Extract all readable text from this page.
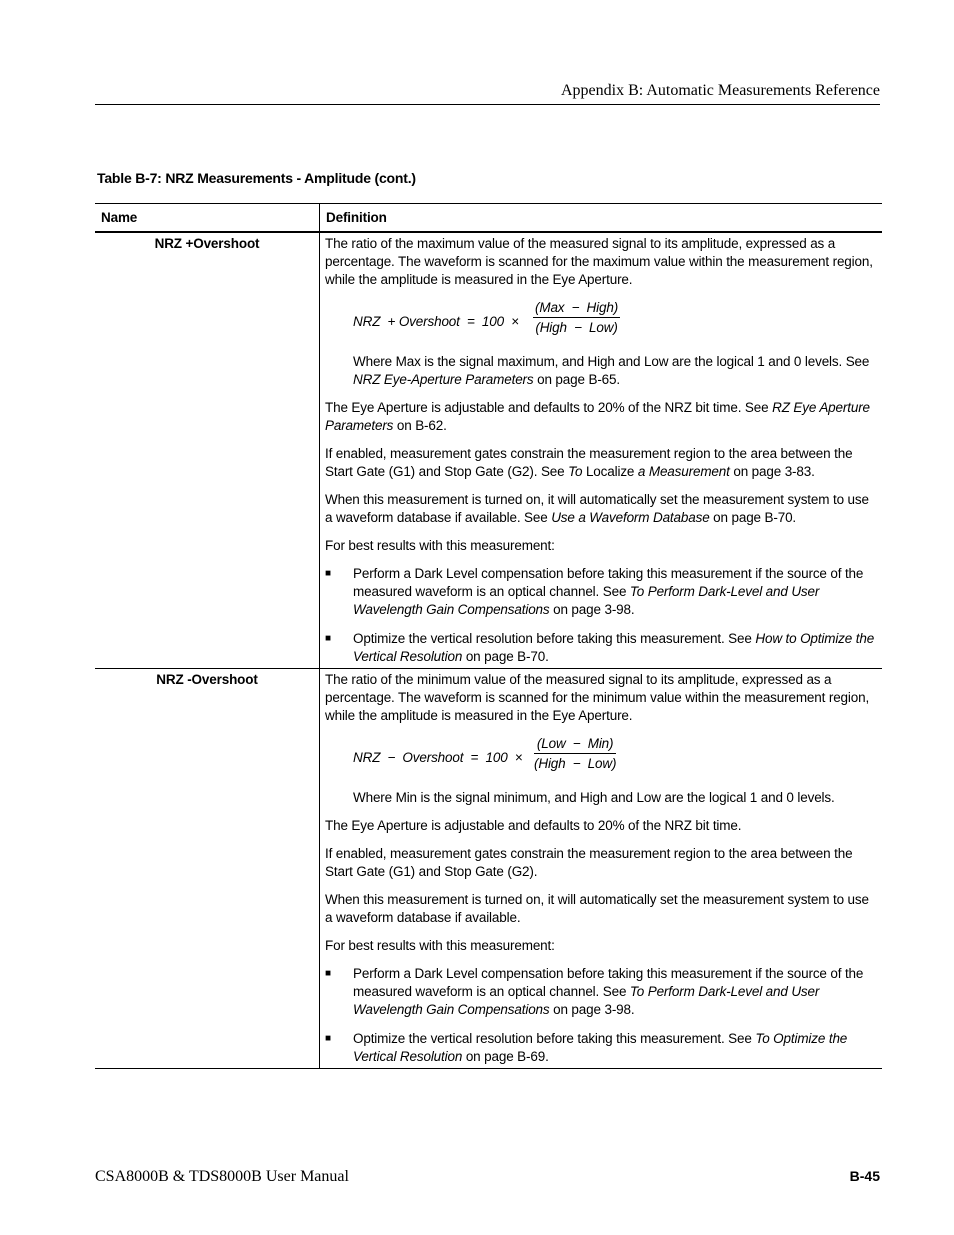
Appendix B: Automatic Measurements Reference
Table B-7: NRZ Measurements - Amplitude (cont.)
Name	Definition
NRZ +Overshoot	The ratio of the maximum value of the measured signal to its amplitude, expressed as a percentage. The waveform is scanned for the maximum value within the measurement region, while the amplitude is measured in the Eye Aperture.
NRZ  + Overshoot  =  100  ×
(Max  −  High)
(High  −  Low)
Where Max is the signal maximum, and High and Low are the logical 1 and 0 levels. See NRZ Eye-Aperture Parameters on page B-65.
The Eye Aperture is adjustable and defaults to 20% of the NRZ bit time. See RZ Eye Aperture Parameters on B-62.
If enabled, measurement gates constrain the measurement region to the area between the Start Gate (G1) and Stop Gate (G2). See To Localize a Measurement on page 3-83.
When this measurement is turned on, it will automatically set the measurement system to use a waveform database if available. See Use a Waveform Database on page B-70.
For best results with this measurement:
■	Perform a Dark Level compensation before taking this measurement if the source of the measured waveform is an optical channel. See To Perform Dark-Level and User Wavelength Gain Compensations on page 3-98.
■	Optimize the vertical resolution before taking this measurement. See How to Optimize the Vertical Resolution on page B-70.
NRZ -Overshoot	The ratio of the minimum value of the measured signal to its amplitude, expressed as a percentage. The waveform is scanned for the minimum value within the measurement region, while the amplitude is measured in the Eye Aperture.
NRZ  −  Overshoot  =  100  ×
(Low  −  Min)
(High  −  Low)
Where Min is the signal minimum, and High and Low are the logical 1 and 0 levels.
The Eye Aperture is adjustable and defaults to 20% of the NRZ bit time.
If enabled, measurement gates constrain the measurement region to the area between the Start Gate (G1) and Stop Gate (G2).
When this measurement is turned on, it will automatically set the measurement system to use a waveform database if available.
For best results with this measurement:
■	Perform a Dark Level compensation before taking this measurement if the source of the measured waveform is an optical channel. See To Perform Dark-Level and User Wavelength Gain Compensations on page 3-98.
■	Optimize the vertical resolution before taking this measurement. See To Optimize the Vertical Resolution on page B-69.
CSA8000B & TDS8000B User Manual	B-45
